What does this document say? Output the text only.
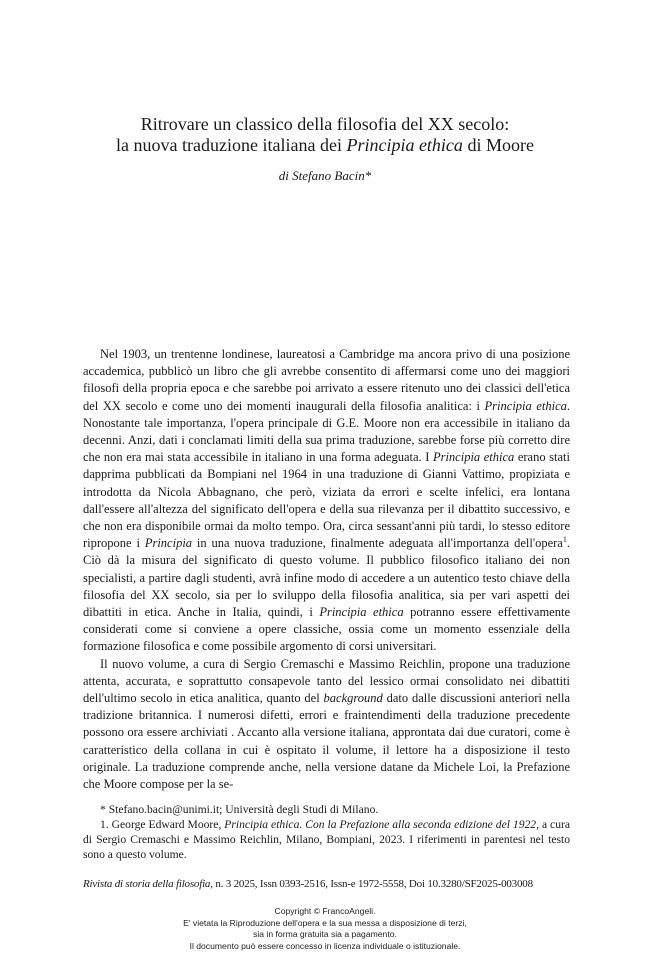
Ritrovare un classico della filosofia del XX secolo:
la nuova traduzione italiana dei Principia ethica di Moore
di Stefano Bacin*

Nel 1903, un trentenne londinese, laureatosi a Cambridge ma ancora privo di una posizione accademica, pubblicò un libro che gli avrebbe consentito di affermarsi come uno dei maggiori filosofi della propria epoca e che sarebbe poi arrivato a essere ritenuto uno dei classici dell'etica del XX secolo e come uno dei momenti inaugurali della filosofia analitica: i Principia ethica. Nonostante tale importanza, l'opera principale di G.E. Moore non era accessibile in italiano da decenni. Anzi, dati i conclamati limiti della sua prima traduzione, sarebbe forse più corretto dire che non era mai stata accessibile in italiano in una forma adeguata. I Principia ethica erano stati dapprima pubblicati da Bompiani nel 1964 in una traduzione di Gianni Vattimo, propiziata e introdotta da Nicola Abbagnano, che però, viziata da errori e scelte infelici, era lontana dall'essere all'altezza del significato dell'opera e della sua rilevanza per il dibattito successivo, e che non era disponibile ormai da molto tempo. Ora, circa sessant'anni più tardi, lo stesso editore ripropone i Principia in una nuova traduzione, finalmente adeguata all'importanza dell'opera$^1$. Ciò dà la misura del significato di questo volume. Il pubblico filosofico italiano dei non specialisti, a partire dagli studenti, avrà infine modo di accedere a un autentico testo chiave della filosofia del XX secolo, sia per lo sviluppo della filosofia analitica, sia per vari aspetti dei dibattiti in etica. Anche in Italia, quindi, i Principia ethica potranno essere effettivamente considerati come si conviene a opere classiche, ossia come un momento essenziale della formazione filosofica e come possibile argomento di corsi universitari.

Il nuovo volume, a cura di Sergio Cremaschi e Massimo Reichlin, propone una traduzione attenta, accurata, e soprattutto consapevole tanto del lessico ormai consolidato nei dibattiti dell'ultimo secolo in etica analitica, quanto del background dato dalle discussioni anteriori nella tradizione britannica. I numerosi difetti, errori e fraintendimenti della traduzione precedente possono ora essere archiviati . Accanto alla versione italiana, approntata dai due curatori, come è caratteristico della collana in cui è ospitato il volume, il lettore ha a disposizione il testo originale. La traduzione comprende anche, nella versione datane da Michele Loi, la Prefazione che Moore compose per la se-

* Stefano.bacin@unimi.it; Università degli Studi di Milano.

1. George Edward Moore, Principia ethica. Con la Prefazione alla seconda edizione del 1922, a cura di Sergio Cremaschi e Massimo Reichlin, Milano, Bompiani, 2023. I riferimenti in parentesi nel testo sono a questo volume.

Rivista di storia della filosofia, n. 3 2025, Issn 0393-2516, Issn-e 1972-5558, Doi 10.3280/SF2025-003008
Copyright © FrancoAngeli.
E' vietata la Riproduzione dell'opera e la sua messa a disposizione di terzi,
sia in forma gratuita sia a pagamento.
Il documento può essere concesso in licenza individuale o istituzionale.
